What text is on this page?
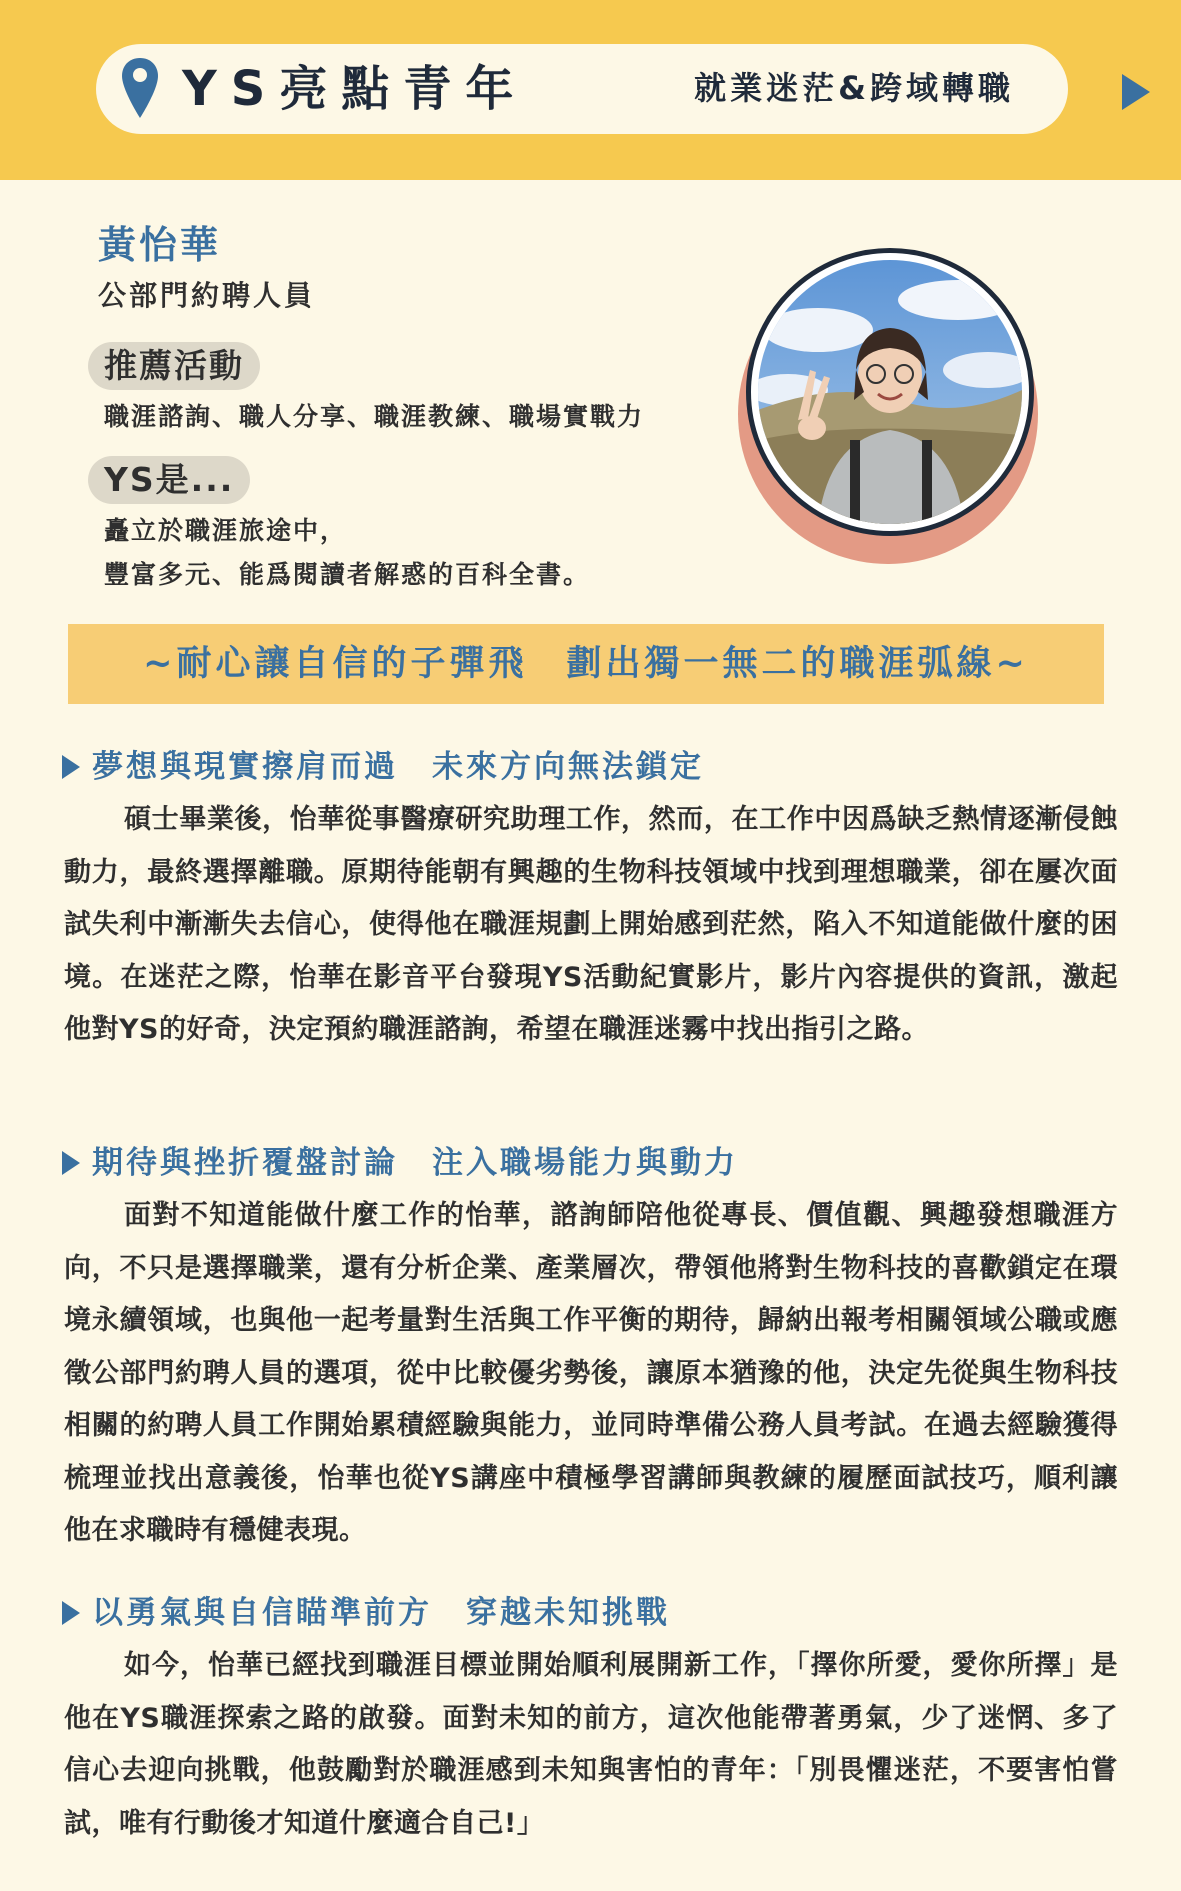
YS亮點青年	就業迷茫&跨域轉職
黃怡華
公部門約聘人員
推薦活動
職涯諮詢、職人分享、職涯教練、職場實戰力
YS是...
矗立於職涯旅途中，
豐富多元、能爲閱讀者解惑的百科全書。
~耐心讓自信的子彈飛　劃出獨一無二的職涯弧線~
夢想與現實擦肩而過　未來方向無法鎖定
碩士畢業後，怡華從事醫療研究助理工作，然而，在工作中因爲缺乏熱情逐漸侵蝕動力，最終選擇離職。原期待能朝有興趣的生物科技領域中找到理想職業，卻在屢次面試失利中漸漸失去信心，使得他在職涯規劃上開始感到茫然，陷入不知道能做什麼的困境。在迷茫之際，怡華在影音平台發現YS活動紀實影片，影片內容提供的資訊，激起他對YS的好奇，決定預約職涯諮詢，希望在職涯迷霧中找出指引之路。
期待與挫折覆盤討論　注入職場能力與動力
面對不知道能做什麼工作的怡華，諮詢師陪他從專長、價值觀、興趣發想職涯方向，不只是選擇職業，還有分析企業、產業層次，帶領他將對生物科技的喜歡鎖定在環境永續領域，也與他一起考量對生活與工作平衡的期待，歸納出報考相關領域公職或應徵公部門約聘人員的選項，從中比較優劣勢後，讓原本猶豫的他，決定先從與生物科技相關的約聘人員工作開始累積經驗與能力，並同時準備公務人員考試。在過去經驗獲得梳理並找出意義後，怡華也從YS講座中積極學習講師與教練的履歷面試技巧，順利讓他在求職時有穩健表現。
以勇氣與自信瞄準前方　穿越未知挑戰
如今，怡華已經找到職涯目標並開始順利展開新工作，「擇你所愛，愛你所擇」是他在YS職涯探索之路的啟發。面對未知的前方，這次他能帶著勇氣，少了迷惘、多了信心去迎向挑戰，他鼓勵對於職涯感到未知與害怕的青年：「別畏懼迷茫，不要害怕嘗試，唯有行動後才知道什麼適合自己!」
